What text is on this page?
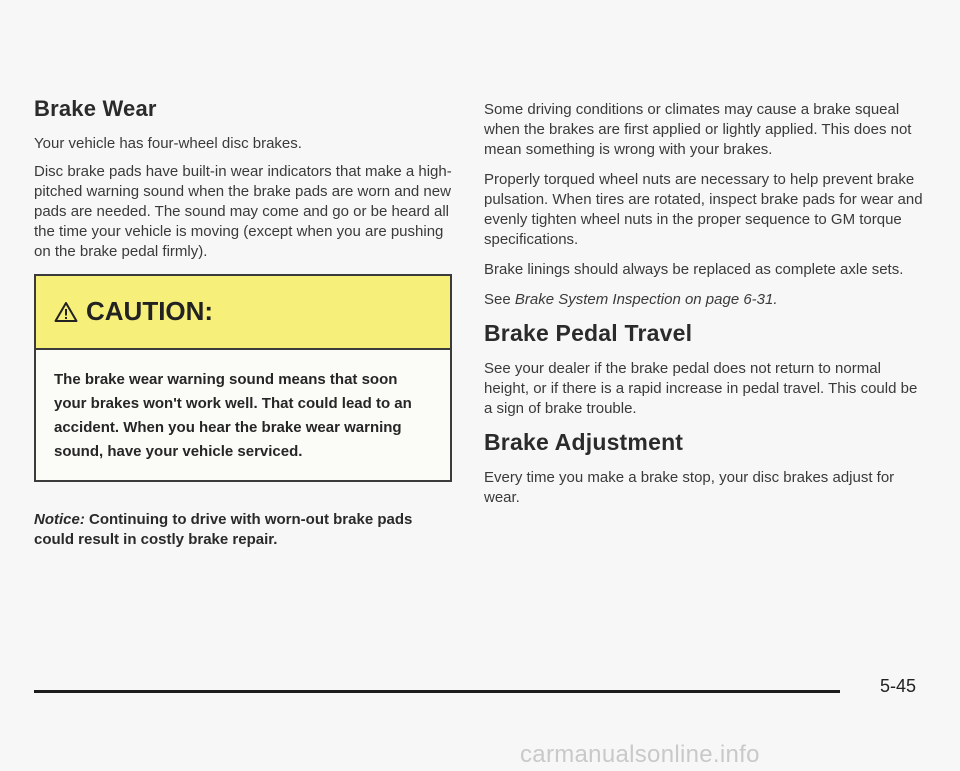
Brake Wear

Your vehicle has four-wheel disc brakes.

Disc brake pads have built-in wear indicators that make a high-pitched warning sound when the brake pads are worn and new pads are needed. The sound may come and go or be heard all the time your vehicle is moving (except when you are pushing on the brake pedal firmly).

CAUTION:
The brake wear warning sound means that soon your brakes won't work well. That could lead to an accident. When you hear the brake wear warning sound, have your vehicle serviced.
Notice: Continuing to drive with worn-out brake pads could result in costly brake repair.

Some driving conditions or climates may cause a brake squeal when the brakes are first applied or lightly applied. This does not mean something is wrong with your brakes.

Properly torqued wheel nuts are necessary to help prevent brake pulsation. When tires are rotated, inspect brake pads for wear and evenly tighten wheel nuts in the proper sequence to GM torque specifications.

Brake linings should always be replaced as complete axle sets.

See Brake System Inspection on page 6-31.

Brake Pedal Travel

See your dealer if the brake pedal does not return to normal height, or if there is a rapid increase in pedal travel. This could be a sign of brake trouble.

Brake Adjustment

Every time you make a brake stop, your disc brakes adjust for wear.

5-45
carmanualsonline.info
